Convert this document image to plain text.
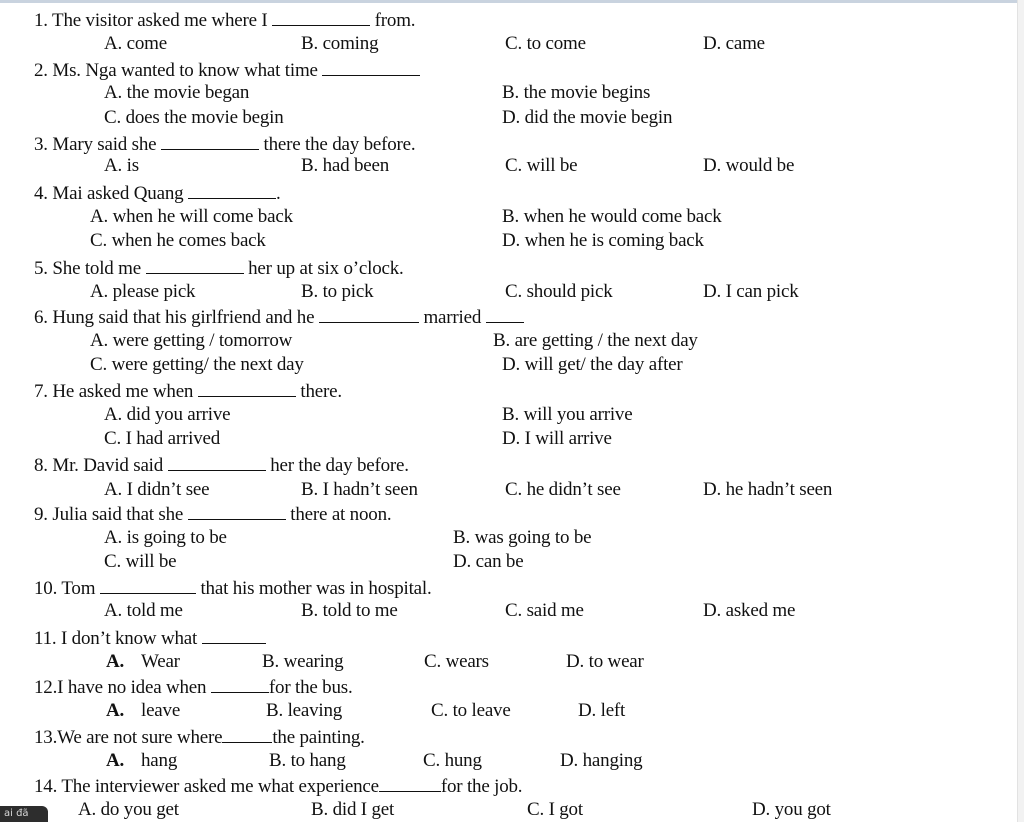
1. The visitor asked me where I	from.
A. come	B. coming	C. to come	D. came
2. Ms. Nga wanted to know what time
A. the movie began	B. the movie begins
C. does the movie begin	D. did the movie begin
3. Mary said she	there the day before.
A. is	B. had been	C. will be	D. would be
4. Mai asked Quang	.
A. when he will come back	B. when he would come back
C. when he comes back	D. when he is coming back
5. She told me	her up at six o’clock.
A. please pick	B. to pick	C. should pick	D. I can pick
6. Hung said that his girlfriend and he	married
A. were getting / tomorrow	B. are getting / the next day
C. were getting/ the next day	D. will get/ the day after
7. He asked me when	there.
A. did you arrive	B. will you arrive
C. I had arrived	D. I will arrive
8. Mr. David said	her the day before.
A. I didn’t see	B. I hadn’t seen	C. he didn’t see	D. he hadn’t seen
9. Julia said that she	there at noon.
A. is going to be	B. was going to be
C. will be	D. can be
10. Tom	that his mother was in hospital.
A. told me	B. told to me	C. said me	D. asked me
11. I don’t know what
A. Wear	B. wearing	C. wears	D. to wear
12.I have no idea when	for the bus.
A. leave	B. leaving	C. to leave	D. left
13.We are not sure where	the painting.
A. hang	B. to hang	C. hung	D. hanging
14. The interviewer asked me what experience	for the job.
A. do you get	B. did I get	C. I got	D. you got
ai đã
